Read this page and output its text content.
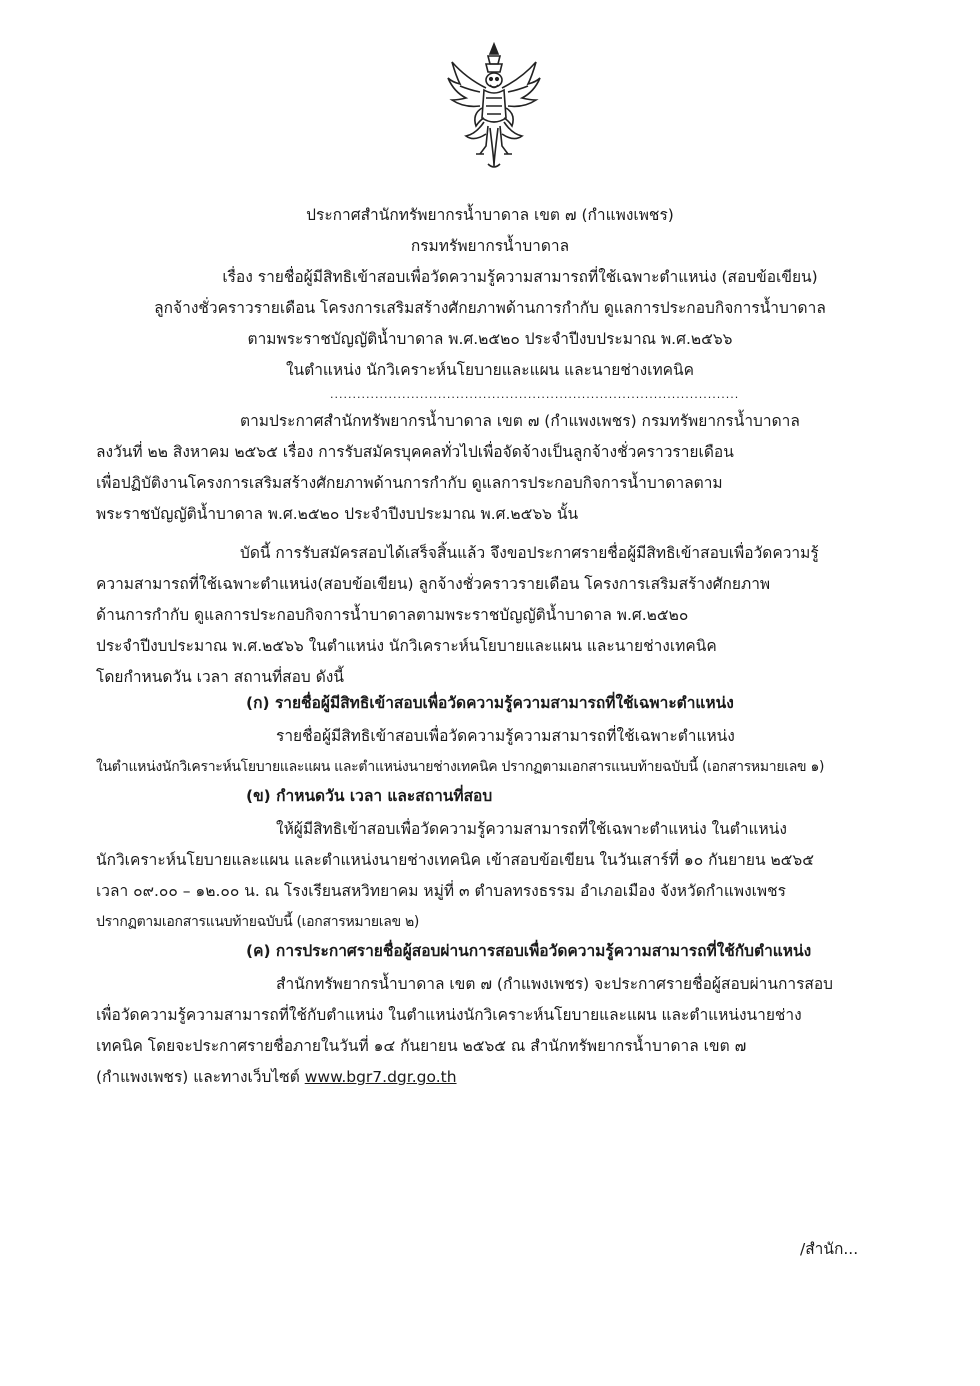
ประกาศสำนักทรัพยากรน้ำบาดาล เขต ๗ (กำแพงเพชร)
กรมทรัพยากรน้ำบาดาล
เรื่อง รายชื่อผู้มีสิทธิเข้าสอบเพื่อวัดความรู้ความสามารถที่ใช้เฉพาะตำแหน่ง (สอบข้อเขียน)
ลูกจ้างชั่วคราวรายเดือน โครงการเสริมสร้างศักยภาพด้านการกำกับ ดูแลการประกอบกิจการน้ำบาดาล
ตามพระราชบัญญัติน้ำบาดาล พ.ศ.๒๕๒๐ ประจำปีงบประมาณ พ.ศ.๒๕๖๖
ในตำแหน่ง นักวิเคราะห์นโยบายและแผน และนายช่างเทคนิค
...........................................................................................
ตามประกาศสำนักทรัพยากรน้ำบาดาล เขต ๗ (กำแพงเพชร) กรมทรัพยากรน้ำบาดาล
ลงวันที่ ๒๒ สิงหาคม ๒๕๖๕ เรื่อง การรับสมัครบุคคลทั่วไปเพื่อจัดจ้างเป็นลูกจ้างชั่วคราวรายเดือน
เพื่อปฏิบัติงานโครงการเสริมสร้างศักยภาพด้านการกำกับ ดูแลการประกอบกิจการน้ำบาดาลตาม
พระราชบัญญัติน้ำบาดาล พ.ศ.๒๕๒๐ ประจำปีงบประมาณ พ.ศ.๒๕๖๖ นั้น
บัดนี้ การรับสมัครสอบได้เสร็จสิ้นแล้ว จึงขอประกาศรายชื่อผู้มีสิทธิเข้าสอบเพื่อวัดความรู้
ความสามารถที่ใช้เฉพาะตำแหน่ง(สอบข้อเขียน) ลูกจ้างชั่วคราวรายเดือน โครงการเสริมสร้างศักยภาพ
ด้านการกำกับ ดูแลการประกอบกิจการน้ำบาดาลตามพระราชบัญญัติน้ำบาดาล พ.ศ.๒๕๒๐
ประจำปีงบประมาณ พ.ศ.๒๕๖๖ ในตำแหน่ง นักวิเคราะห์นโยบายและแผน และนายช่างเทคนิค
โดยกำหนดวัน เวลา สถานที่สอบ ดังนี้
(ก) รายชื่อผู้มีสิทธิเข้าสอบเพื่อวัดความรู้ความสามารถที่ใช้เฉพาะตำแหน่ง
รายชื่อผู้มีสิทธิเข้าสอบเพื่อวัดความรู้ความสามารถที่ใช้เฉพาะตำแหน่ง
ในตำแหน่งนักวิเคราะห์นโยบายและแผน และตำแหน่งนายช่างเทคนิค ปรากฏตามเอกสารแนบท้ายฉบับนี้ (เอกสารหมายเลข ๑)
(ข) กำหนดวัน เวลา และสถานที่สอบ
ให้ผู้มีสิทธิเข้าสอบเพื่อวัดความรู้ความสามารถที่ใช้เฉพาะตำแหน่ง ในตำแหน่ง
นักวิเคราะห์นโยบายและแผน และตำแหน่งนายช่างเทคนิค เข้าสอบข้อเขียน ในวันเสาร์ที่ ๑๐ กันยายน ๒๕๖๕
เวลา ๐๙.๐๐ – ๑๒.๐๐ น. ณ โรงเรียนสหวิทยาคม หมู่ที่ ๓ ตำบลทรงธรรม อำเภอเมือง จังหวัดกำแพงเพชร
ปรากฏตามเอกสารแนบท้ายฉบับนี้ (เอกสารหมายเลข ๒)
(ค) การประกาศรายชื่อผู้สอบผ่านการสอบเพื่อวัดความรู้ความสามารถที่ใช้กับตำแหน่ง
สำนักทรัพยากรน้ำบาดาล เขต ๗ (กำแพงเพชร) จะประกาศรายชื่อผู้สอบผ่านการสอบ
เพื่อวัดความรู้ความสามารถที่ใช้กับตำแหน่ง ในตำแหน่งนักวิเคราะห์นโยบายและแผน และตำแหน่งนายช่าง
เทคนิค โดยจะประกาศรายชื่อภายในวันที่ ๑๔ กันยายน ๒๕๖๕ ณ สำนักทรัพยากรน้ำบาดาล เขต ๗
(กำแพงเพชร) และทางเว็บไซต์ www.bgr7.dgr.go.th
/สำนัก...
